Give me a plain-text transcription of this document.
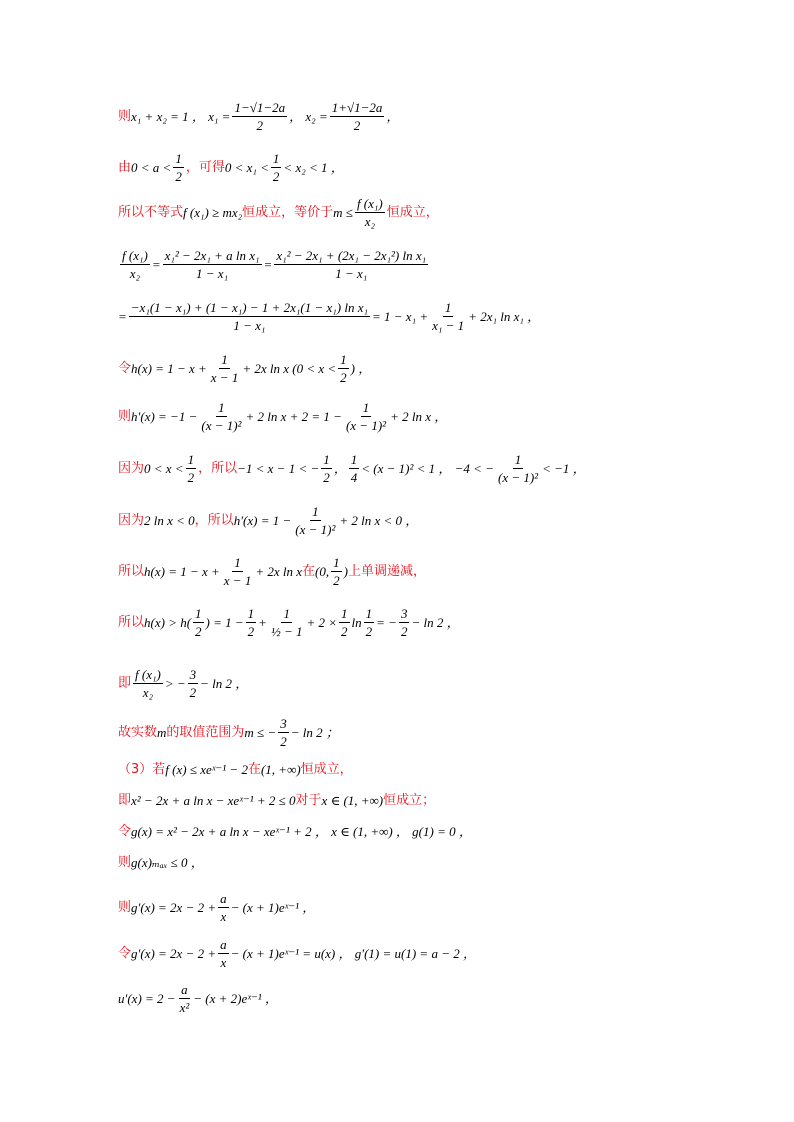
则 x₁ + x₂ = 1 ， $x_1 = \frac{1-√1-2a}{2}$ ， $x_2 = \frac{1+√1-2a}{2}$ ，
由 $0 < a < \frac{1}{2}$ ，可得 $0 < x_1 < \frac{1}{2} < x_2 < 1$ ，
所以不等式 f (x₁) ≥ mx₂ 恒成立，等价于 $m \le \frac{\text{f (x₁)}}{\text{x₂}}$ 恒成立，
$\frac{\text{f (x₁)}}{\text{x₂}} = \frac{\text{x₁² − 2x₁ + a ln x₁}}{\text{1 − x₁}} = \frac{\text{x₁² − 2x₁ + (2x₁ − 2x₁²) ln x₁}}{\text{1 − x₁}}$
= $\frac{\text{−x₁(1 − x₁) + (1 − x₁) − 1 + 2x₁(1 − x₁) ln x₁}}{\text{1 − x₁}} = 1 - x_1 + \frac{1}{\text{x₁ − 1}} + 2x_1$ ln x₁ ，
令 $h(x) = 1 - x + \frac{1}{x - 1} + 2x$ ln x ($0 < x < \frac{1}{2}$ ) ，
则 $h'(x) = -1 - \frac{1}{\text{(x − 1)²}} + 2$ $\ln x + 2 = 1 - \frac{1}{\text{(x − 1)²}} + 2$ ln x ，
因为 $0 < x < \frac{1}{2}$ ，所以 −1 < x − 1 < − $\frac{1}{2}$ ， $\frac{1}{4} < (x - 1)^2 < 1$ ， −4 < − $\frac{1}{\text{(x − 1)²}} < -1$ ，
因为 2 ln x < 0 ，所以 $h'(x) = 1 - \frac{1}{\text{(x − 1)²}} + 2$ ln x < 0 ，
所以 $h(x) = 1 - x + \frac{1}{x - 1} + 2x$ ln x 在 (0, $\frac{1}{2}$ ) 上单调递减，
所以 $h(x) > h( \frac{1}{2}$ ) = $1 - \frac{1}{2} + \frac{1}{\text{½ − 1}} + 2 \times \frac{1}{2}$ $\ln \frac{1}{2}$ = − $\frac{3}{2} - \ln 2$ ，
即 $\frac{\text{f (x₁)}}{\text{x₂}}$ > − $\frac{3}{2} - \ln 2$ ，
故实数 m 的取值范围为 m ≤ − $\frac{3}{2} - \ln 2$ ；
（3）若 f (x) ≤ xeˣ⁻¹ − 2 在 (1, +∞) 恒成立，
即 x² − 2x + a ln x − xeˣ⁻¹ + 2 ≤ 0 对于 x ∈ (1, +∞) 恒成立；
令 g(x) = x² − 2x + a ln x − xeˣ⁻¹ + 2 ， x ∈ (1, +∞) ， g(1) = 0 ，
则 g(x)ₘₐₓ ≤ 0 ，
则 $g'(x) = 2x - 2 + \frac{a}{x} - (x$ + 1)eˣ⁻¹ ，
令 $g'(x) = 2x - 2 + \frac{a}{x} - (x$ + 1)eˣ⁻¹ = u(x) ， g′(1) = u(1) = a − 2 ，
$u'(x) = 2 - \frac{a}{\text{x²}} - (x$ + 2)eˣ⁻¹ ，
